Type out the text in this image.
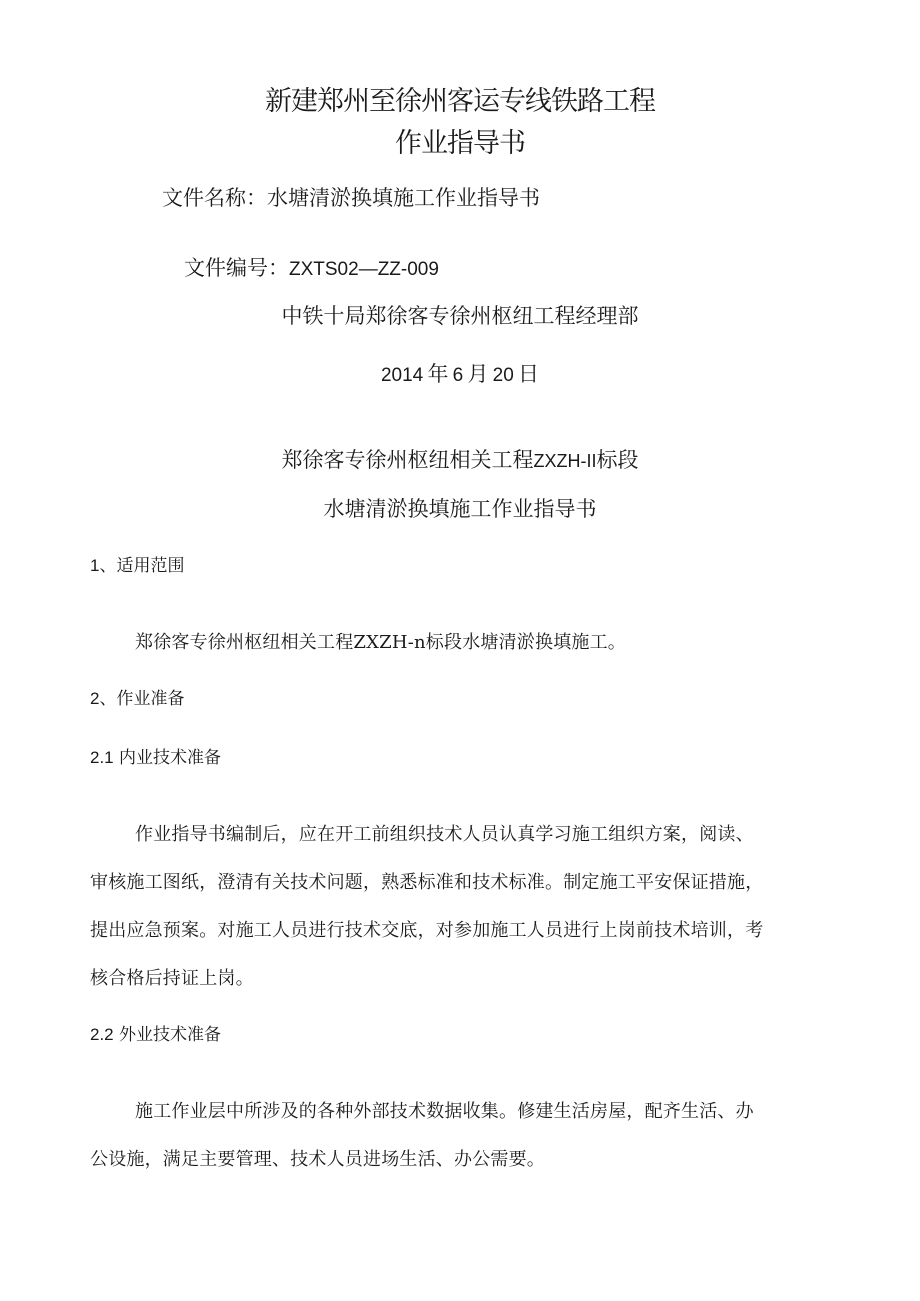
新建郑州至徐州客运专线铁路工程
作业指导书
文件名称：水塘清淤换填施工作业指导书
文件编号：ZXTS02—ZZ-009
中铁十局郑徐客专徐州枢纽工程经理部
2014  年  6  月  20  日
郑徐客专徐州枢纽相关工程ZXZH-II标段
水塘清淤换填施工作业指导书
1、适用范围
郑徐客专徐州枢纽相关工程ZXZH-n标段水塘清淤换填施工。
2、作业准备
2.1 内业技术准备
作业指导书编制后，应在开工前组织技术人员认真学习施工组织方案，阅读、
审核施工图纸，澄清有关技术问题，熟悉标准和技术标准。制定施工平安保证措施，
提出应急预案。对施工人员进行技术交底，对参加施工人员进行上岗前技术培训，考
核合格后持证上岗。
2.2 外业技术准备
施工作业层中所涉及的各种外部技术数据收集。修建生活房屋，配齐生活、办
公设施，满足主要管理、技术人员进场生活、办公需要。
